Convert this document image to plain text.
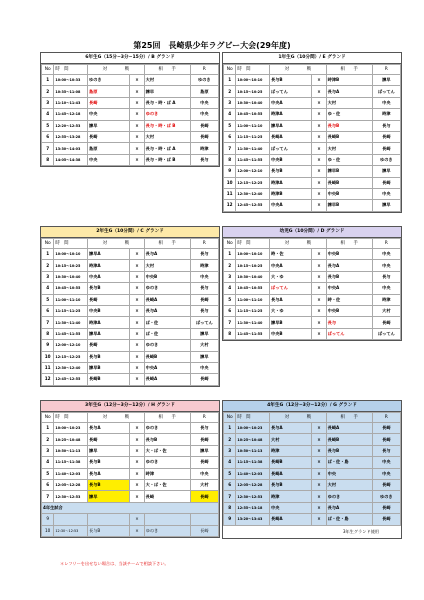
第25回　長崎県少年ラグビー大会(29年度)
6年生G（15分−3分−15分）/ B グランド
No	時　間	対　　　　戦		相　　手	R
1	10:00〜10:33	ゆのき	×	大村	ゆのき
2	10:35〜11:08	島原	×	諫早	島原
3	11:10〜11:43	長崎	×	長与・時・ば A	中央
4	11:45〜12:18	中央	×	ゆのき	中央
5	12:20〜12:53	諫早	×	長与・時・ば B	長崎
6	12:55〜13:28	長崎	×	大村	長崎
7	13:30〜14:03	島原	×	長与・時・ば A	時津
8	14:05〜14:38	中央	×	長与・時・ば B	長与
1年生G（10分間）/ E グランド
No	時　間	対　　　　戦		相　　手	R
1	10:00〜10:10	長与B	×	時津B	諫早
2	10:15〜10:25	ぱってん	×	長与A	ぱってん
3	10:30〜10:40	中央A	×	大村	中央
4	10:45〜10:55	時津A	×	ゆ・佐	時津
5	11:00〜11:10	諫早A	×	長与B	長与
6	11:15〜11:25	長崎A	×	長崎B	長崎
7	11:30〜11:40	ぱってん	×	大村	長崎
8	11:45〜11:55	中央B	×	ゆ・佐	ゆのき
9	12:00〜12:10	長与B	×	諫早B	諫早
10	12:15〜12:25	時津A	×	長崎B	長崎
11	12:30〜12:40	時津B	×	中央B	中央
12	12:45〜12:55	中央A	×	諫早B	諫早
2年生G（10分間）/ C グランド
No	時　間	対　　　　戦		相　　手	R
1	10:00〜10:10	諫早A	×	長与A	長与
2	10:15〜10:25	時津A	×	大村	時津
3	10:30〜10:40	中央A	×	中央B	中央
4	10:45〜10:55	長与B	×	ゆのき	長与
5	11:00〜11:10	長崎	×	長崎A	長崎
6	11:15〜11:25	中央B	×	長与A	長与
7	11:30〜11:40	時津A	×	ば・佐	ぱってん
8	11:45〜11:55	諫早A	×	ば・佐	諫早
9	12:00〜12:10	長崎	×	ゆのき	大村
10	12:15〜12:25	長与B	×	長崎B	諫早
11	12:30〜12:40	諫早B	×	中央A	中央
12	12:45〜12:55	長崎B	×	長崎A	長崎
幼児G（10分間）/ D グランド
No	時　間	対　　　　戦		相　　手	R
1	10:00〜10:10	時・佐	×	中央B	中央
2	10:15〜10:25	中央A	×	長与A	中央
3	10:30〜10:40	大・ゆ	×	長与B	長与
4	10:45〜10:55	ぱってん	×	中央A	中央
5	11:00〜11:10	長与A	×	時・佐	時津
6	11:15〜11:25	大・ゆ	×	中央B	大村
7	11:30〜11:40	諫早B	×	長与	長崎
8	11:45〜11:55	中央B	×	ぱってん	ぱってん
3年生G（12分−3分−12分）/ H グランド
No	時　間	対　　　　戦		相　　手	R
1	10:00〜10:23	長与A	×	ゆのき	長与
2	10:25〜10:48	長崎	×	長与B	長崎
3	10:50〜11:13	諫早	×	大・ば・佐	諫早
4	11:15〜11:38	長与B	×	ゆのき	長崎
5	11:40〜12:03	長与A	×	時津	中央
6	12:05〜12:28	長与B	×	大・ば・佐	大村
7	12:30〜12:53	諫早	×	長崎	長崎
4年生試合					
9			×		
10	12:30〜12:53	長与B	×	ゆのき	長崎
4年生G（12分−3分−12分）/ G グランド
No	時　間	対　　　　戦		相　　手	R
1	10:00〜10:23	長与A	×	長崎A	長崎
2	10:25〜10:48	大村	×	長崎B	長崎
3	10:50〜11:13	時津	×	長与B	長与
4	11:15〜11:38	長崎B	×	ば・佐・島	中央
5	11:40〜12:03	長崎A	×	中央	中央
6	12:05〜12:28	長与B	×	大村	長崎
7	12:30〜12:53	時津	×	ゆのき	ゆのき
8	12:55〜13:18	中央	×	長与A	長崎
9	13:20〜13:43	長崎A	×	ば・佐・島	長崎
3年生グランド使用
＊レフリーを出せない場合は、当該チームで相談下さい。
